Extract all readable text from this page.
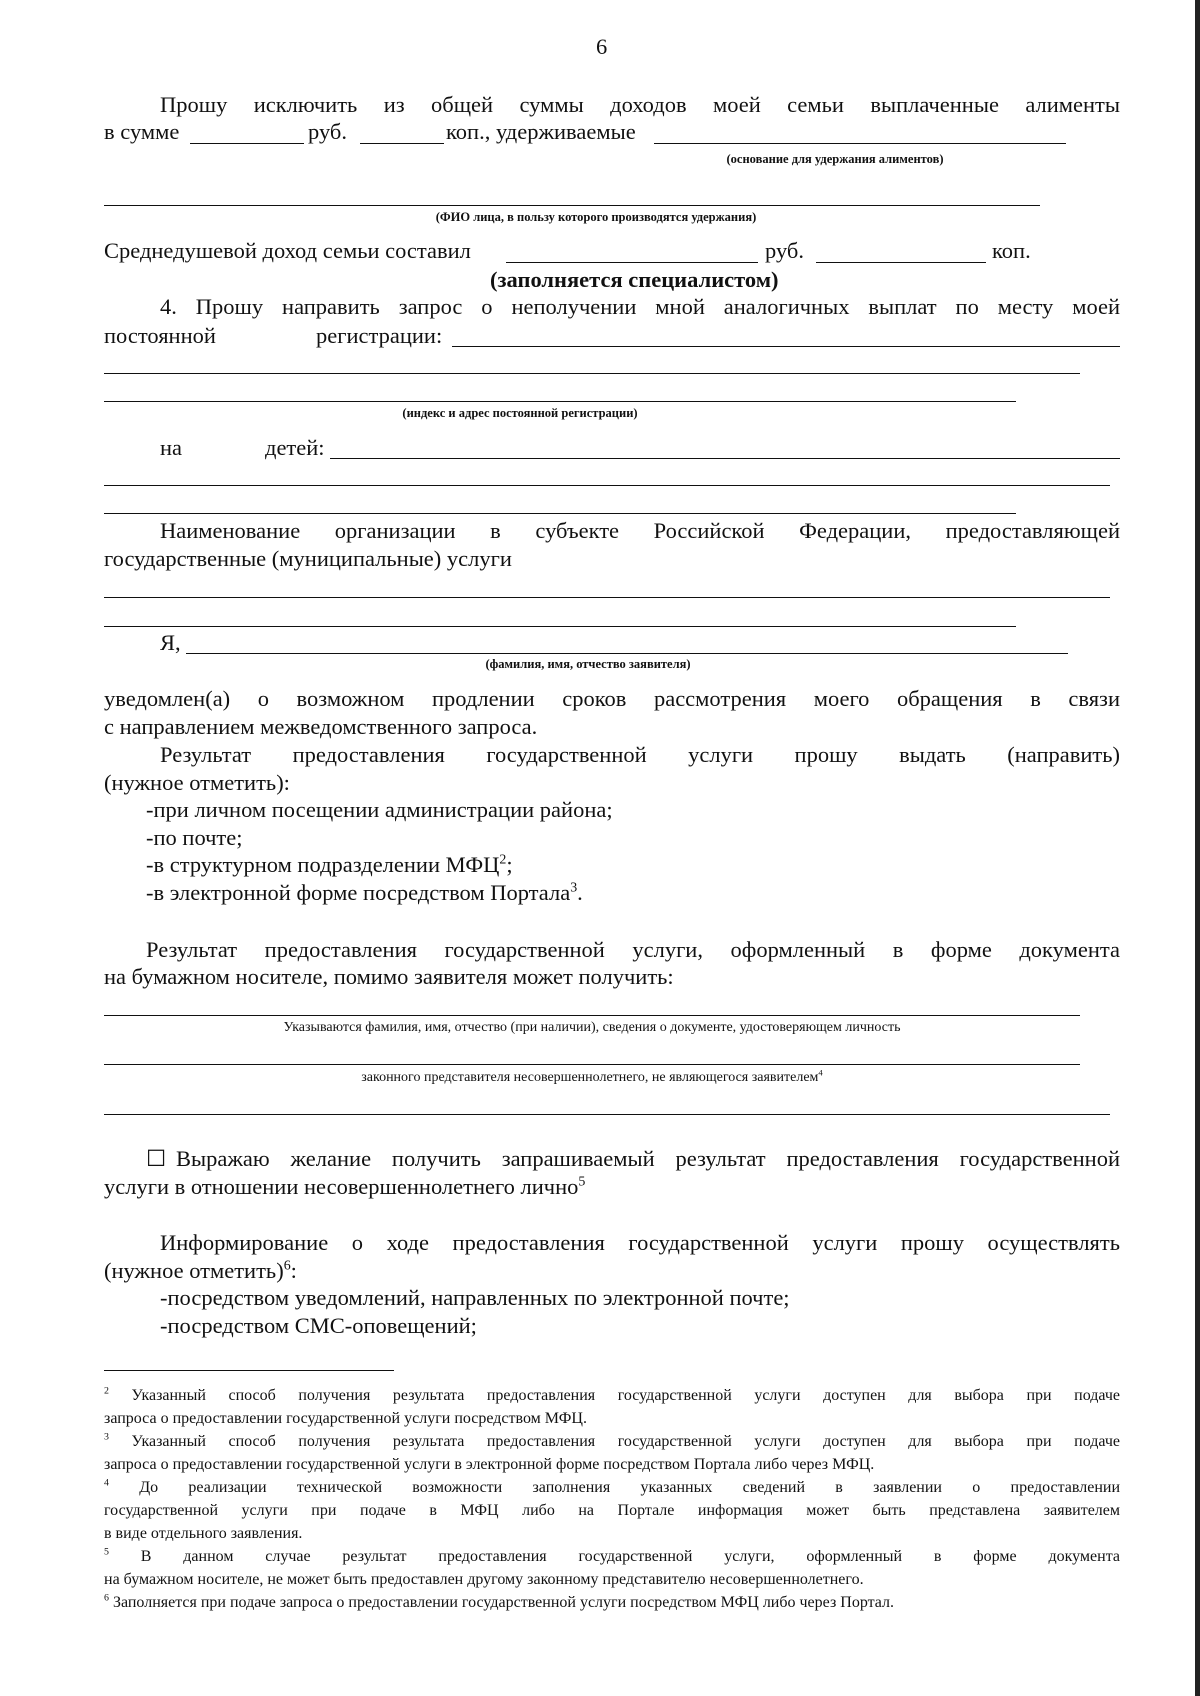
6
Прошу исключить из общей суммы доходов моей семьи выплаченные алименты
в сумме	руб.	коп., удерживаемые
(основание для удержания алиментов)
(ФИО лица, в пользу которого производятся удержания)
Среднедушевой доход семьи составил	руб.	коп.
(заполняется специалистом)
4. Прошу направить запрос о неполучении мной аналогичных выплат по месту моей
постоянной	регистрации:
(индекс и адрес постоянной регистрации)
на	детей:
Наименование организации в субъекте Российской Федерации, предоставляющей
государственные (муниципальные) услуги
Я,
(фамилия, имя, отчество заявителя)
уведомлен(а) о возможном продлении сроков рассмотрения моего обращения в связи
с направлением межведомственного запроса.
Результат предоставления государственной услуги прошу выдать (направить)
(нужное отметить):
-при личном посещении администрации района;
-по почте;
-в структурном подразделении МФЦ$^2$;
-в электронной форме посредством Портала$^3$.
Результат предоставления государственной услуги, оформленный в форме документа
на бумажном носителе, помимо заявителя может получить:
Указываются фамилия, имя, отчество (при наличии), сведения о документе, удостоверяющем личность
законного представителя несовершеннолетнего, не являющегося заявителем$^4$
☐ Выражаю желание получить запрашиваемый результат предоставления государственной
услуги в отношении несовершеннолетнего лично$^5$
Информирование о ходе предоставления государственной услуги прошу осуществлять
(нужное отметить)$^6$:
-посредством уведомлений, направленных по электронной почте;
-посредством СМС-оповещений;
$^2$ Указанный способ получения результата предоставления государственной услуги доступен для выбора при подаче
запроса о предоставлении государственной услуги посредством МФЦ.
$^3$ Указанный способ получения результата предоставления государственной услуги доступен для выбора при подаче
запроса о предоставлении государственной услуги в электронной форме посредством Портала либо через МФЦ.
$^4$ До реализации технической возможности заполнения указанных сведений в заявлении о предоставлении
государственной услуги при подаче в МФЦ либо на Портале информация может быть представлена заявителем
в виде отдельного заявления.
$^5$ В данном случае результат предоставления государственной услуги, оформленный в форме документа
на бумажном носителе, не может быть предоставлен другому законному представителю несовершеннолетнего.
$^6$ Заполняется при подаче запроса о предоставлении государственной услуги посредством МФЦ либо через Портал.
